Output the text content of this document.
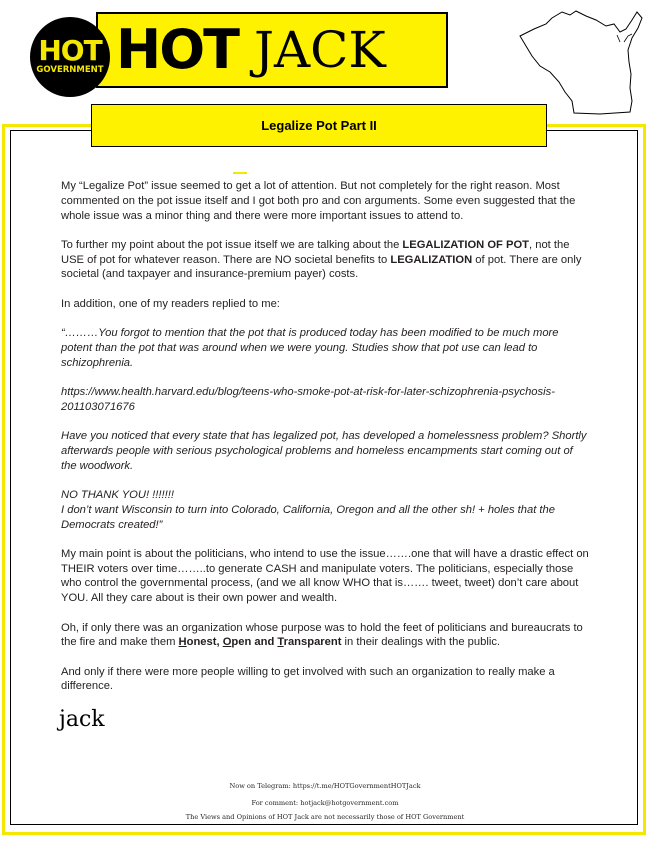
HOT
GOVERNMENT HOT JACK
Legalize Pot Part II

My “Legalize Pot” issue seemed to get a lot of attention. But not completely for the right reason. Most commented on the pot issue itself and I got both pro and con arguments. Some even suggested that the whole issue was a minor thing and there were more important issues to attend to.

To further my point about the pot issue itself we are talking about the LEGALIZATION OF POT, not the USE of pot for whatever reason. There are NO societal benefits to LEGALIZATION of pot. There are only societal (and taxpayer and insurance-premium payer) costs.

In addition, one of my readers replied to me:

“………You forgot to mention that the pot that is produced today has been modified to be much more potent than the pot that was around when we were young. Studies show that pot use can lead to schizophrenia.

https://www.health.harvard.edu/blog/teens-who-smoke-pot-at-risk-for-later-schizophrenia-psychosis-201103071676

Have you noticed that every state that has legalized pot, has developed a homelessness problem? Shortly afterwards people with serious psychological problems and homeless encampments start coming out of the woodwork.

NO THANK YOU! !!!!!!!
I don’t want Wisconsin to turn into Colorado, California, Oregon and all the other sh! + holes that the Democrats created!”

My main point is about the politicians, who intend to use the issue…….one that will have a drastic effect on THEIR voters over time……..to generate CASH and manipulate voters. The politicians, especially those who control the governmental process, (and we all know WHO that is……. tweet, tweet) don’t care about YOU. All they care about is their own power and wealth.

Oh, if only there was an organization whose purpose was to hold the feet of politicians and bureaucrats to the fire and make them Honest, Open and Transparent in their dealings with the public.

And only if there were more people willing to get involved with such an organization to really make a difference.

jack
Now on Telegram: https://t.me/HOTGovernmentHOTJack
For comment: hotjack@hotgovernment.com
The Views and Opinions of HOT Jack are not necessarily those of HOT Government
